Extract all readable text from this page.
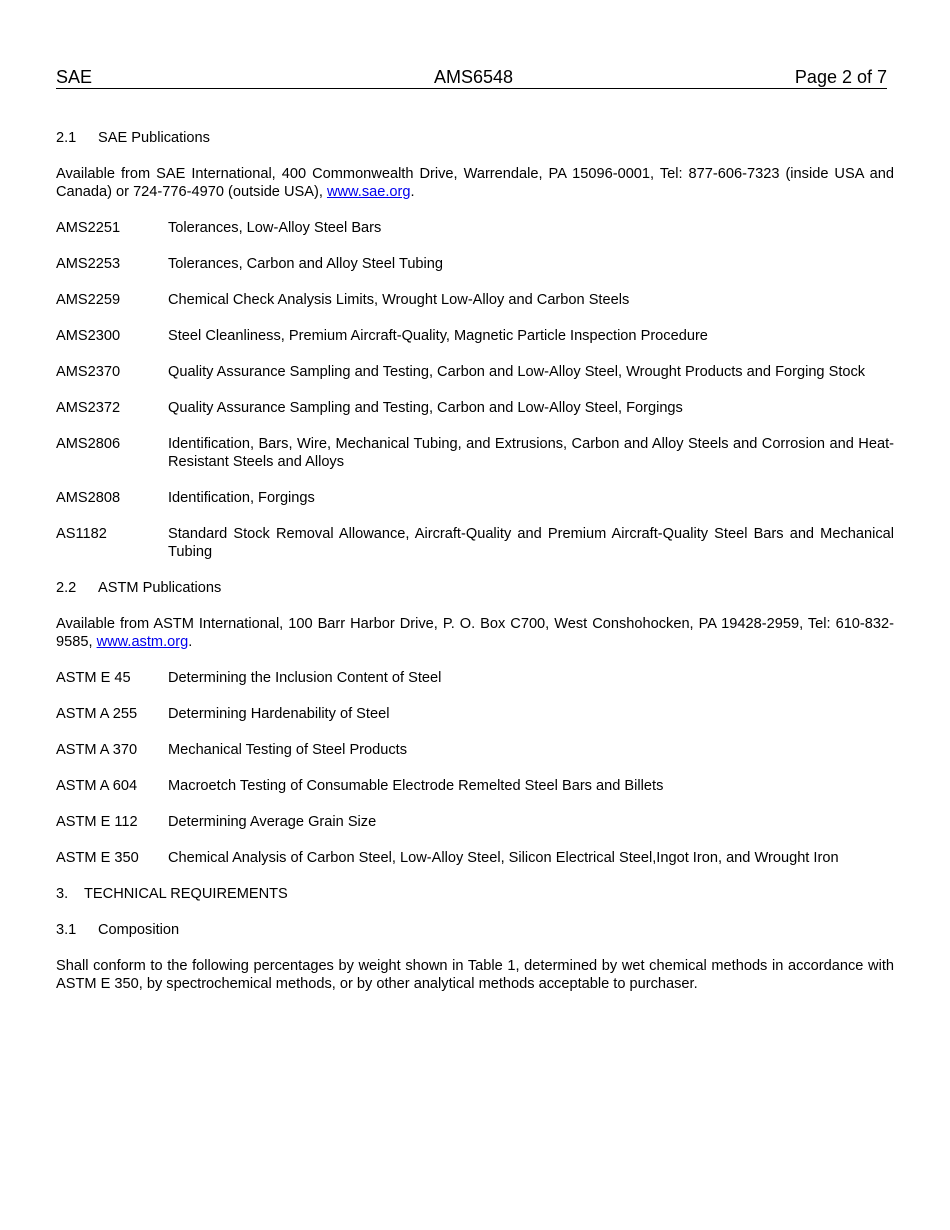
SAE	AMS6548	Page 2 of 7
2.1 SAE Publications
Available from SAE International, 400 Commonwealth Drive, Warrendale, PA 15096-0001, Tel: 877-606-7323 (inside USA and Canada) or 724-776-4970 (outside USA), www.sae.org.
AMS2251	Tolerances, Low-Alloy Steel Bars
AMS2253	Tolerances, Carbon and Alloy Steel Tubing
AMS2259	Chemical Check Analysis Limits, Wrought Low-Alloy and Carbon Steels
AMS2300	Steel Cleanliness, Premium Aircraft-Quality, Magnetic Particle Inspection Procedure
AMS2370	Quality Assurance Sampling and Testing, Carbon and Low-Alloy Steel, Wrought Products and Forging Stock
AMS2372	Quality Assurance Sampling and Testing, Carbon and Low-Alloy Steel, Forgings
AMS2806	Identification, Bars, Wire, Mechanical Tubing, and Extrusions, Carbon and Alloy Steels and Corrosion and Heat-Resistant Steels and Alloys
AMS2808	Identification, Forgings
AS1182	Standard Stock Removal Allowance, Aircraft-Quality and Premium Aircraft-Quality Steel Bars and Mechanical Tubing
2.2 ASTM Publications
Available from ASTM International, 100 Barr Harbor Drive, P. O. Box C700, West Conshohocken, PA 19428-2959, Tel: 610-832-9585, www.astm.org.
ASTM E 45	Determining the Inclusion Content of Steel
ASTM A 255	Determining Hardenability of Steel
ASTM A 370	Mechanical Testing of Steel Products
ASTM A 604	Macroetch Testing of Consumable Electrode Remelted Steel Bars and Billets
ASTM E 112	Determining Average Grain Size
ASTM E 350	Chemical Analysis of Carbon Steel, Low-Alloy Steel, Silicon Electrical Steel,Ingot Iron, and Wrought Iron
3. TECHNICAL REQUIREMENTS
3.1 Composition
Shall conform to the following percentages by weight shown in Table 1, determined by wet chemical methods in accordance with ASTM E 350, by spectrochemical methods, or by other analytical methods acceptable to purchaser.
